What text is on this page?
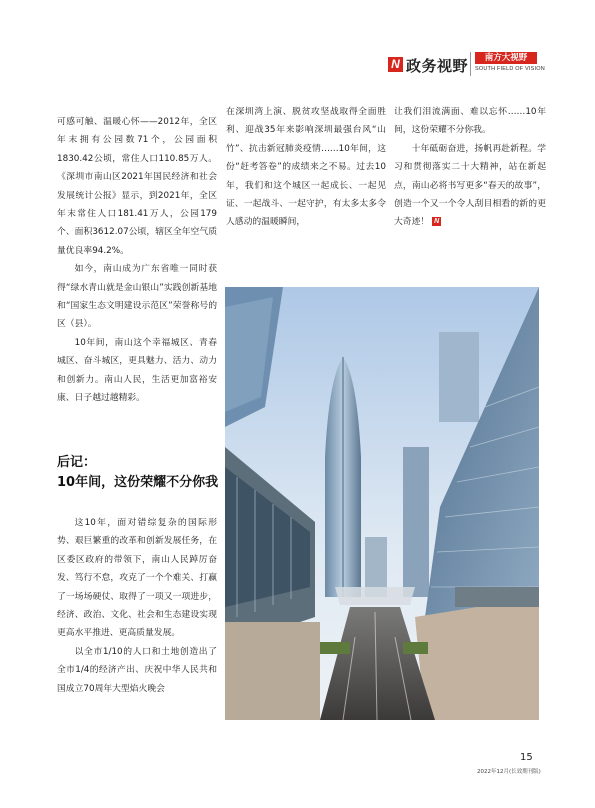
N 政务视野	南方大视野
SOUTH FIELD OF VISION

可感可触、温暖心怀——2012年，全区年末拥有公园数71个，公园面积1830.42公顷，常住人口110.85万人。《深圳市南山区2021年国民经济和社会发展统计公报》显示，到2021年，全区年末常住人口181.41万人，公园179个、面积3612.07公顷，辖区全年空气质量优良率94.2%。

如今，南山成为广东省唯一同时获得“绿水青山就是金山银山”实践创新基地和“国家生态文明建设示范区”荣誉称号的区（县）。

10年间，南山这个幸福城区、青春城区、奋斗城区，更具魅力、活力、动力和创新力。南山人民，生活更加富裕安康、日子越过越精彩。

后记：
10年间，这份荣耀不分你我

这10年，面对错综复杂的国际形势、艰巨繁重的改革和创新发展任务，在区委区政府的带领下，南山人民踔厉奋发、笃行不怠，攻克了一个个难关、打赢了一场场硬仗、取得了一项又一项进步，经济、政治、文化、社会和生态建设实现更高水平推进、更高质量发展。

以全市1/10的人口和土地创造出了全市1/4的经济产出、庆祝中华人民共和国成立70周年大型焰火晚会

在深圳湾上演、脱贫攻坚战取得全面胜利、迎战35年来影响深圳最强台风“山竹”、抗击新冠肺炎疫情……10年间，这份“赶考答卷”的成绩来之不易。过去10年，我们和这个城区一起成长、一起见证、一起战斗、一起守护，有太多太多令人感动的温暖瞬间，

让我们泪流满面、难以忘怀……10年间，这份荣耀不分你我。

十年砥砺奋进，扬帆再赴新程。学习和贯彻落实二十大精神，站在新起点，南山必将书写更多“春天的故事”，创造一个又一个令人刮目相看的新的更大奇迹！ N

15
2022年12月(长效期刊版)
